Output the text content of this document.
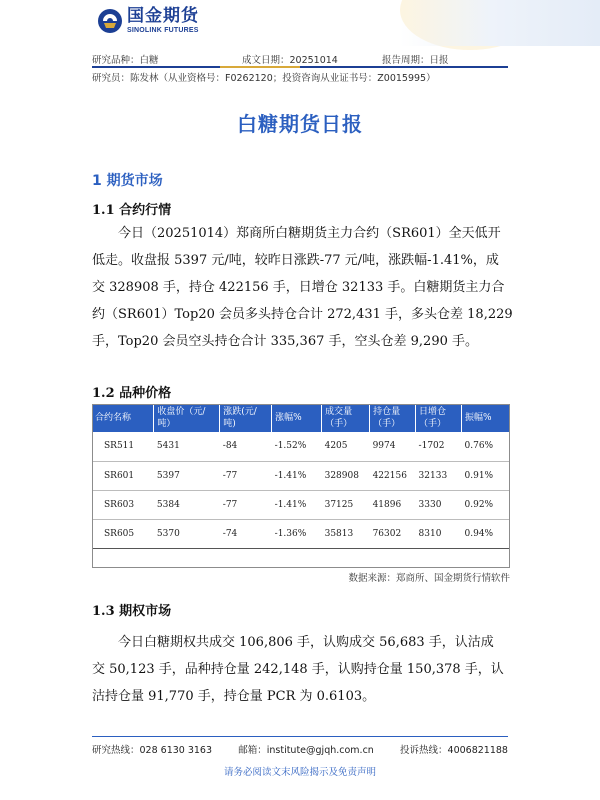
国金期货
SINOLINK FUTURES
研究品种：白糖	成文日期：20251014	报告周期：日报
研究员：陈发林（从业资格号：F0262120；投资咨询从业证书号：Z0015995）
白糖期货日报
1 期货市场
1.1 合约行情
今日（20251014）郑商所白糖期货主力合约（SR601）全天低开
低走。收盘报 5397 元/吨，较昨日涨跌-77 元/吨，涨跌幅-1.41%，成
交 328908 手，持仓 422156 手，日增仓 32133 手。白糖期货主力合
约（SR601）Top20 会员多头持仓合计 272,431 手，多头仓差 18,229
手，Top20 会员空头持仓合计 335,367 手，空头仓差 9,290 手。
1.2 品种价格
合约名称	收盘价（元/吨）	涨跌(元/吨)	涨幅%	成交量（手）	持仓量（手）	日增仓（手）	振幅%
SR511	5431	-84	-1.52%	4205	9974	-1702	0.76%
SR601	5397	-77	-1.41%	328908	422156	32133	0.91%
SR603	5384	-77	-1.41%	37125	41896	3330	0.92%
SR605	5370	-74	-1.36%	35813	76302	8310	0.94%
数据来源：郑商所、国金期货行情软件
1.3 期权市场
今日白糖期权共成交 106,806 手，认购成交 56,683 手，认沽成
交 50,123 手，品种持仓量 242,148 手，认购持仓量 150,378 手，认
沽持仓量 91,770 手，持仓量 PCR 为 0.6103。
研究热线：028 6130 3163	邮箱：institute@gjqh.com.cn	投诉热线：4006821188
请务必阅读文末风险揭示及免责声明
